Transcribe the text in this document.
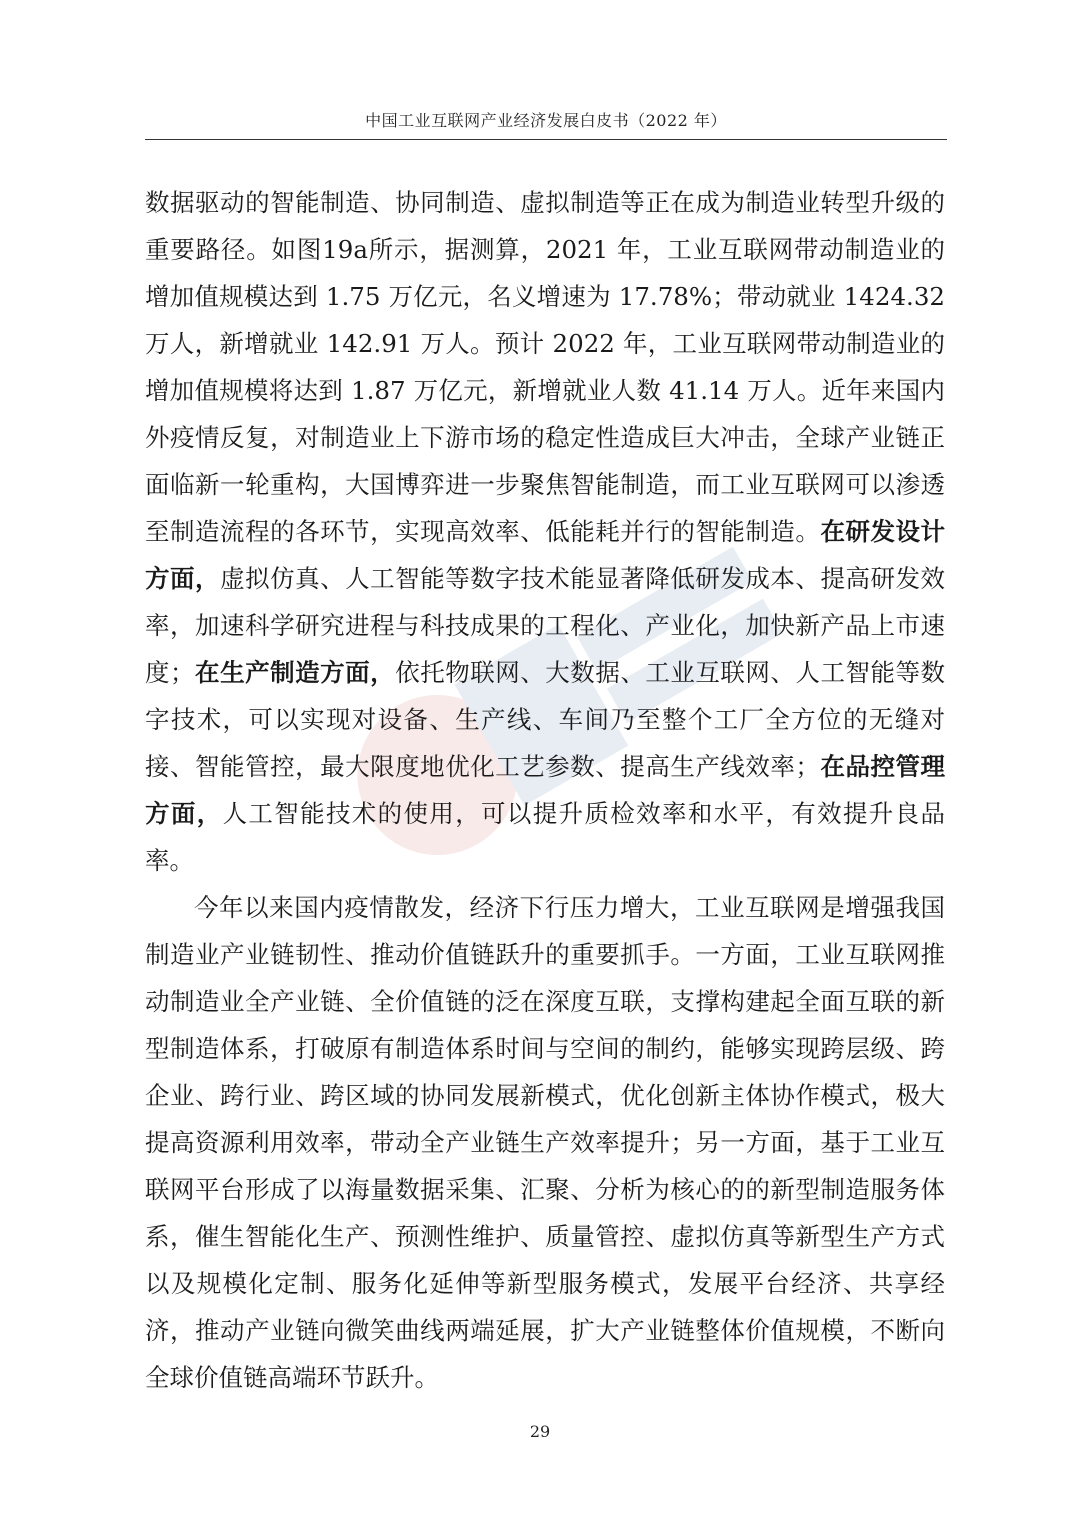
中国工业互联网产业经济发展白皮书（2022 年）

数据驱动的智能制造、协同制造、虚拟制造等正在成为制造业转型升级的重要路径。如图19a所示，据测算，2021 年，工业互联网带动制造业的增加值规模达到 1.75 万亿元，名义增速为 17.78%；带动就业 1424.32 万人，新增就业 142.91 万人。预计 2022 年，工业互联网带动制造业的增加值规模将达到 1.87 万亿元，新增就业人数 41.14 万人。近年来国内外疫情反复，对制造业上下游市场的稳定性造成巨大冲击，全球产业链正面临新一轮重构，大国博弈进一步聚焦智能制造，而工业互联网可以渗透至制造流程的各环节，实现高效率、低能耗并行的智能制造。在研发设计方面，虚拟仿真、人工智能等数字技术能显著降低研发成本、提高研发效率，加速科学研究进程与科技成果的工程化、产业化，加快新产品上市速度；在生产制造方面，依托物联网、大数据、工业互联网、人工智能等数字技术，可以实现对设备、生产线、车间乃至整个工厂全方位的无缝对接、智能管控，最大限度地优化工艺参数、提高生产线效率；在品控管理方面，人工智能技术的使用，可以提升质检效率和水平，有效提升良品率。

今年以来国内疫情散发，经济下行压力增大，工业互联网是增强我国制造业产业链韧性、推动价值链跃升的重要抓手。一方面，工业互联网推动制造业全产业链、全价值链的泛在深度互联，支撑构建起全面互联的新型制造体系，打破原有制造体系时间与空间的制约，能够实现跨层级、跨企业、跨行业、跨区域的协同发展新模式，优化创新主体协作模式，极大提高资源利用效率，带动全产业链生产效率提升；另一方面，基于工业互联网平台形成了以海量数据采集、汇聚、分析为核心的的新型制造服务体系，催生智能化生产、预测性维护、质量管控、虚拟仿真等新型生产方式以及规模化定制、服务化延伸等新型服务模式，发展平台经济、共享经济，推动产业链向微笑曲线两端延展，扩大产业链整体价值规模，不断向全球价值链高端环节跃升。

29
